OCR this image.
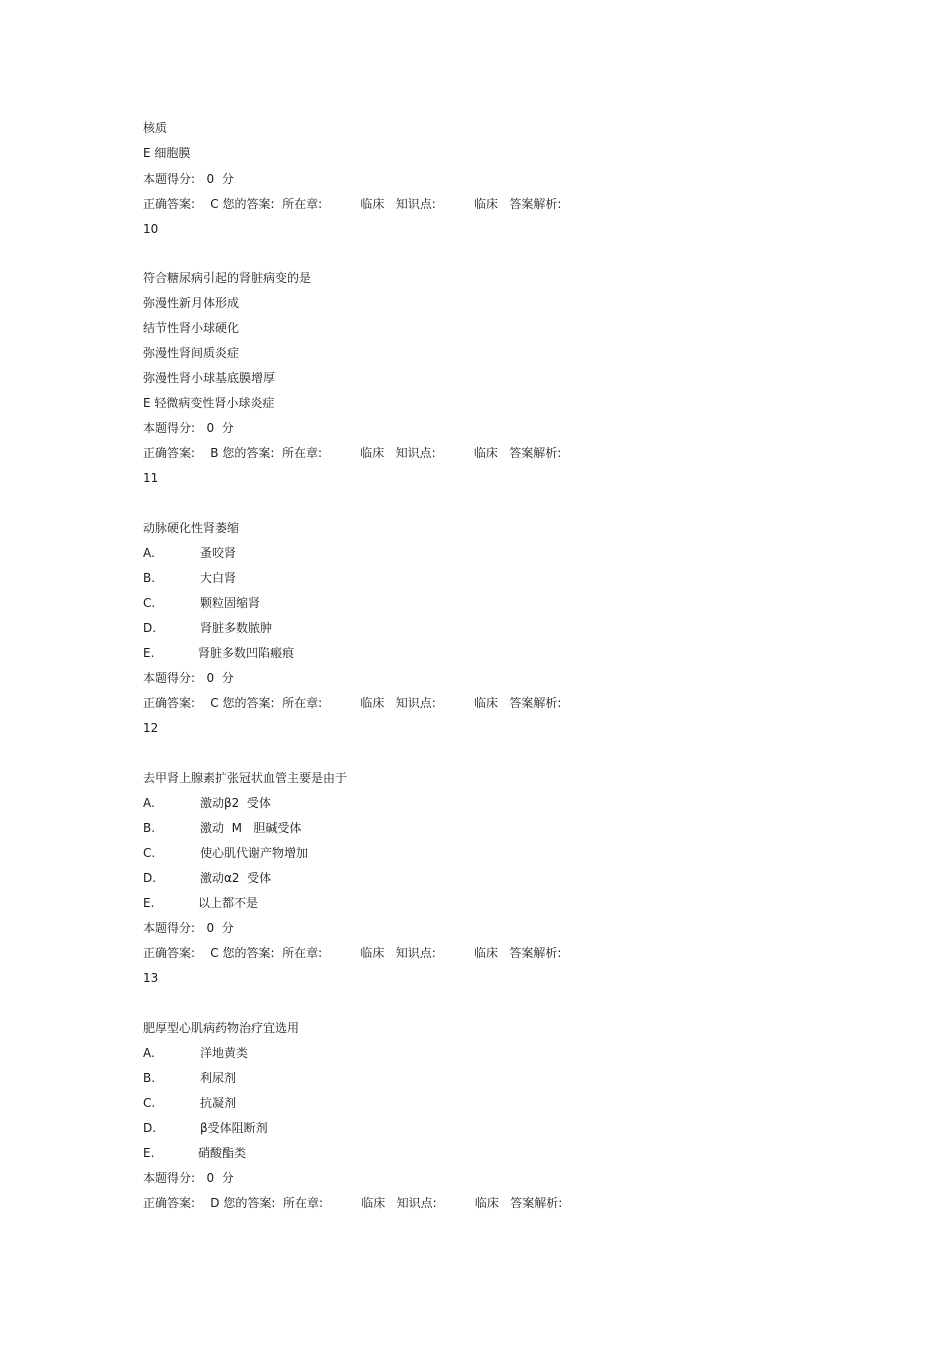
核质
E 细胞膜
本题得分:   0  分
正确答案:    C 您的答案:  所在章:          临床   知识点:          临床   答案解析:
10
符合糖尿病引起的肾脏病变的是
弥漫性新月体形成
结节性肾小球硬化
弥漫性肾间质炎症
弥漫性肾小球基底膜增厚
E 轻微病变性肾小球炎症
本题得分:   0  分
正确答案:    B 您的答案:  所在章:          临床   知识点:          临床   答案解析:
11
动脉硬化性肾萎缩
A.	蚤咬肾
B.	大白肾
C.	颗粒固缩肾
D.	肾脏多数脓肿
E.	肾脏多数凹陷瘢痕
本题得分:   0  分
正确答案:    C 您的答案:  所在章:          临床   知识点:          临床   答案解析:
12
去甲肾上腺素扩张冠状血管主要是由于
A.	激动β2  受体
B.	激动  M   胆碱受体
C.	使心肌代谢产物增加
D.	激动α2  受体
E.	以上都不是
本题得分:   0  分
正确答案:    C 您的答案:  所在章:          临床   知识点:          临床   答案解析:
13
肥厚型心肌病药物治疗宜选用
A.	洋地黄类
B.	利尿剂
C.	抗凝剂
D.	β受体阻断剂
E.	硝酸酯类
本题得分:   0  分
正确答案:    D 您的答案:  所在章:          临床   知识点:          临床   答案解析:
